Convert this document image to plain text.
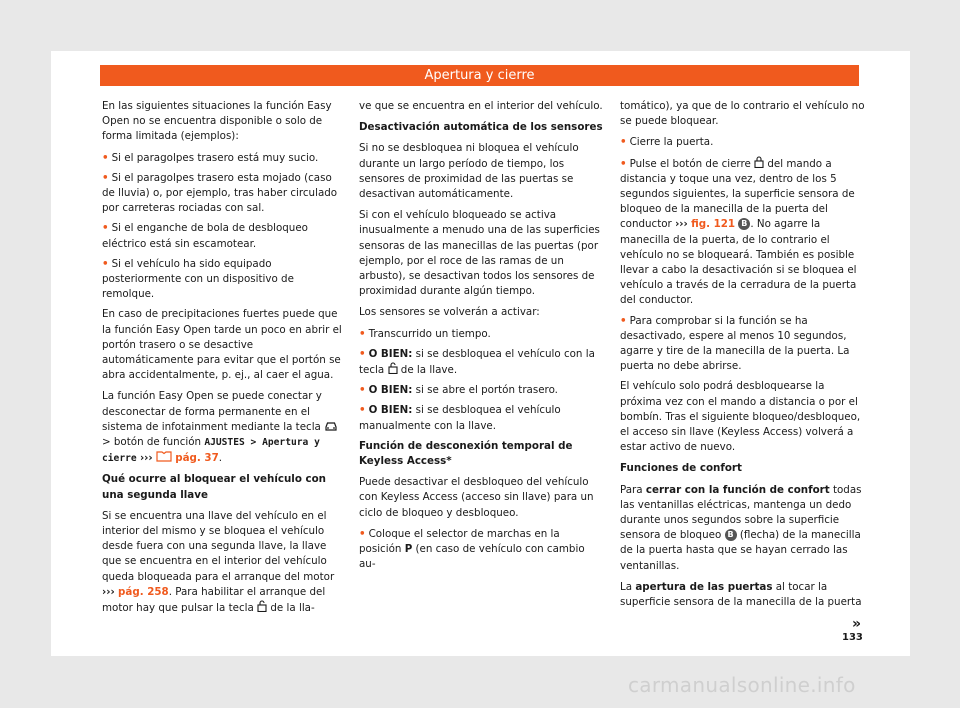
Apertura y cierre

En las siguientes situaciones la función Easy Open no se encuentra disponible o solo de forma limitada (ejemplos):

• Si el paragolpes trasero está muy sucio.
• Si el paragolpes trasero esta mojado (caso de lluvia) o, por ejemplo, tras haber circulado por carreteras rociadas con sal.
• Si el enganche de bola de desbloqueo eléctrico está sin escamotear.
• Si el vehículo ha sido equipado posteriormente con un dispositivo de remolque.

En caso de precipitaciones fuertes puede que la función Easy Open tarde un poco en abrir el portón trasero o se desactive automáticamente para evitar que el portón se abra accidentalmente, p. ej., al caer el agua.

La función Easy Open se puede conectar y desconectar de forma permanente en el sistema de infotainment mediante la tecla  > botón de función AJUSTES > Apertura y cierre ››› pág. 37.

Qué ocurre al bloquear el vehículo con una segunda llave

Si se encuentra una llave del vehículo en el interior del mismo y se bloquea el vehículo desde fuera con una segunda llave, la llave que se encuentra en el interior del vehículo queda bloqueada para el arranque del motor ››› pág. 258. Para habilitar el arranque del motor hay que pulsar la tecla de la lla-

ve que se encuentra en el interior del vehículo.

Desactivación automática de los sensores

Si no se desbloquea ni bloquea el vehículo durante un largo período de tiempo, los sensores de proximidad de las puertas se desactivan automáticamente.

Si con el vehículo bloqueado se activa inusualmente a menudo una de las superficies sensoras de las manecillas de las puertas (por ejemplo, por el roce de las ramas de un arbusto), se desactivan todos los sensores de proximidad durante algún tiempo.

Los sensores se volverán a activar:

• Transcurrido un tiempo.
• O BIEN: si se desbloquea el vehículo con la tecla de la llave.
• O BIEN: si se abre el portón trasero.
• O BIEN: si se desbloquea el vehículo manualmente con la llave.

Función de desconexión temporal de Keyless Access*

Puede desactivar el desbloqueo del vehículo con Keyless Access (acceso sin llave) para un ciclo de bloqueo y desbloqueo.

• Coloque el selector de marchas en la posición P (en caso de vehículo con cambio au-

tomático), ya que de lo contrario el vehículo no se puede bloquear.

• Cierre la puerta.
• Pulse el botón de cierre del mando a distancia y toque una vez, dentro de los 5 segundos siguientes, la superficie sensora de bloqueo de la manecilla de la puerta del conductor ››› fig. 121 B . No agarre la manecilla de la puerta, de lo contrario el vehículo no se bloqueará. También es posible llevar a cabo la desactivación si se bloquea el vehículo a través de la cerradura de la puerta del conductor.
• Para comprobar si la función se ha desactivado, espere al menos 10 segundos, agarre y tire de la manecilla de la puerta. La puerta no debe abrirse.

El vehículo solo podrá desbloquearse la próxima vez con el mando a distancia o por el bombín. Tras el siguiente bloqueo/desbloqueo, el acceso sin llave (Keyless Access) volverá a estar activo de nuevo.

Funciones de confort

Para cerrar con la función de confort todas las ventanillas eléctricas, mantenga un dedo durante unos segundos sobre la superficie sensora de bloqueo B (flecha) de la manecilla de la puerta hasta que se hayan cerrado las ventanillas.

La apertura de las puertas al tocar la superficie sensora de la manecilla de la puerta

»
133
carmanualsonline.info
